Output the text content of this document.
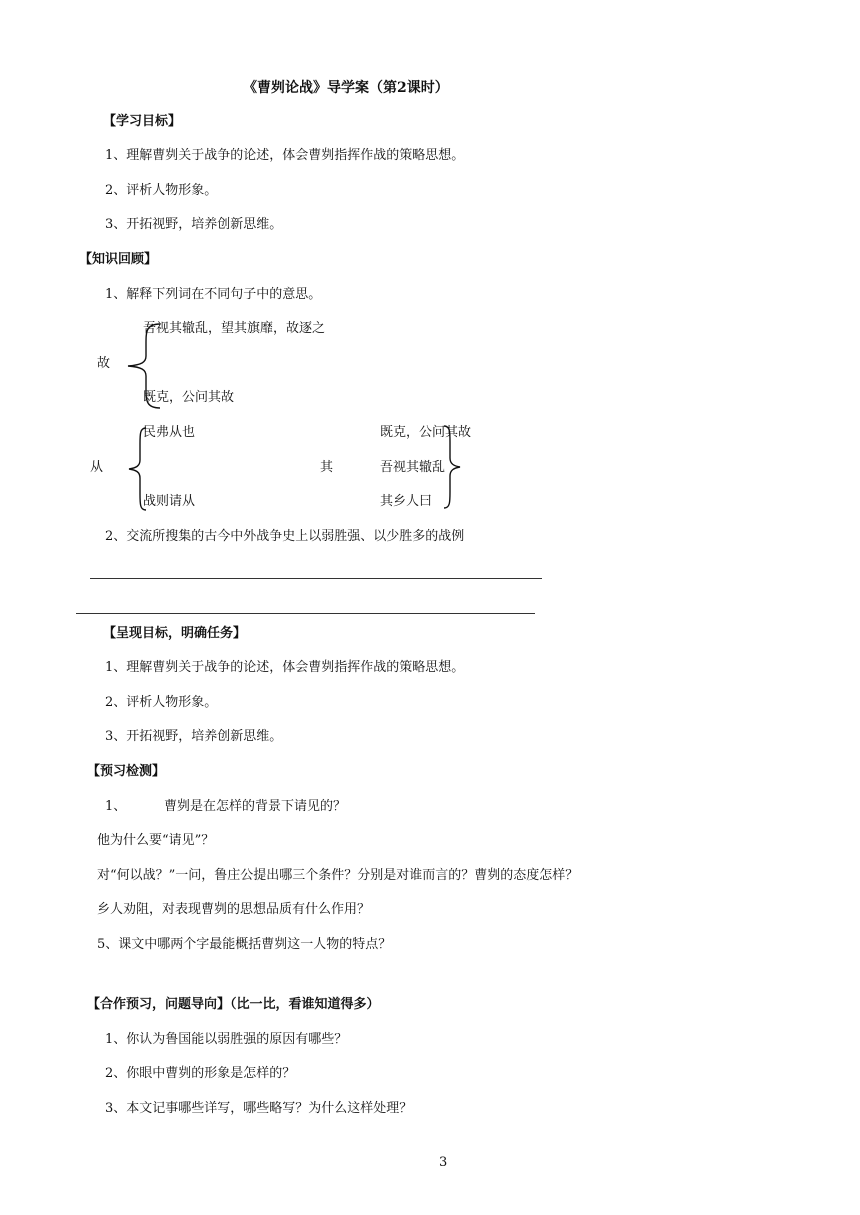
《曹刿论战》导学案（第2课时）
【学习目标】
1、理解曹刿关于战争的论述，体会曹刿指挥作战的策略思想。
2、评析人物形象。
3、开拓视野，培养创新思维。
【知识回顾】
1、解释下列词在不同句子中的意思。
吾视其辙乱，望其旗靡，故逐之
故
既克，公问其故
民弗从也
从
战则请从
其
既克，公问其故
吾视其辙乱
其乡人曰
2、交流所搜集的古今中外战争史上以弱胜强、以少胜多的战例
【呈现目标，明确任务】
1、理解曹刿关于战争的论述，体会曹刿指挥作战的策略思想。
2、评析人物形象。
3、开拓视野，培养创新思维。
【预习检测】
1、	曹刿是在怎样的背景下请见的？
他为什么要“请见”？
对“何以战？”一问，鲁庄公提出哪三个条件？分别是对谁而言的？曹刿的态度怎样？
乡人劝阻，对表现曹刿的思想品质有什么作用？
5、课文中哪两个字最能概括曹刿这一人物的特点？
【合作预习，问题导向】（比一比，看谁知道得多）
1、你认为鲁国能以弱胜强的原因有哪些？
2、你眼中曹刿的形象是怎样的？
3、本文记事哪些详写，哪些略写？为什么这样处理？
3
